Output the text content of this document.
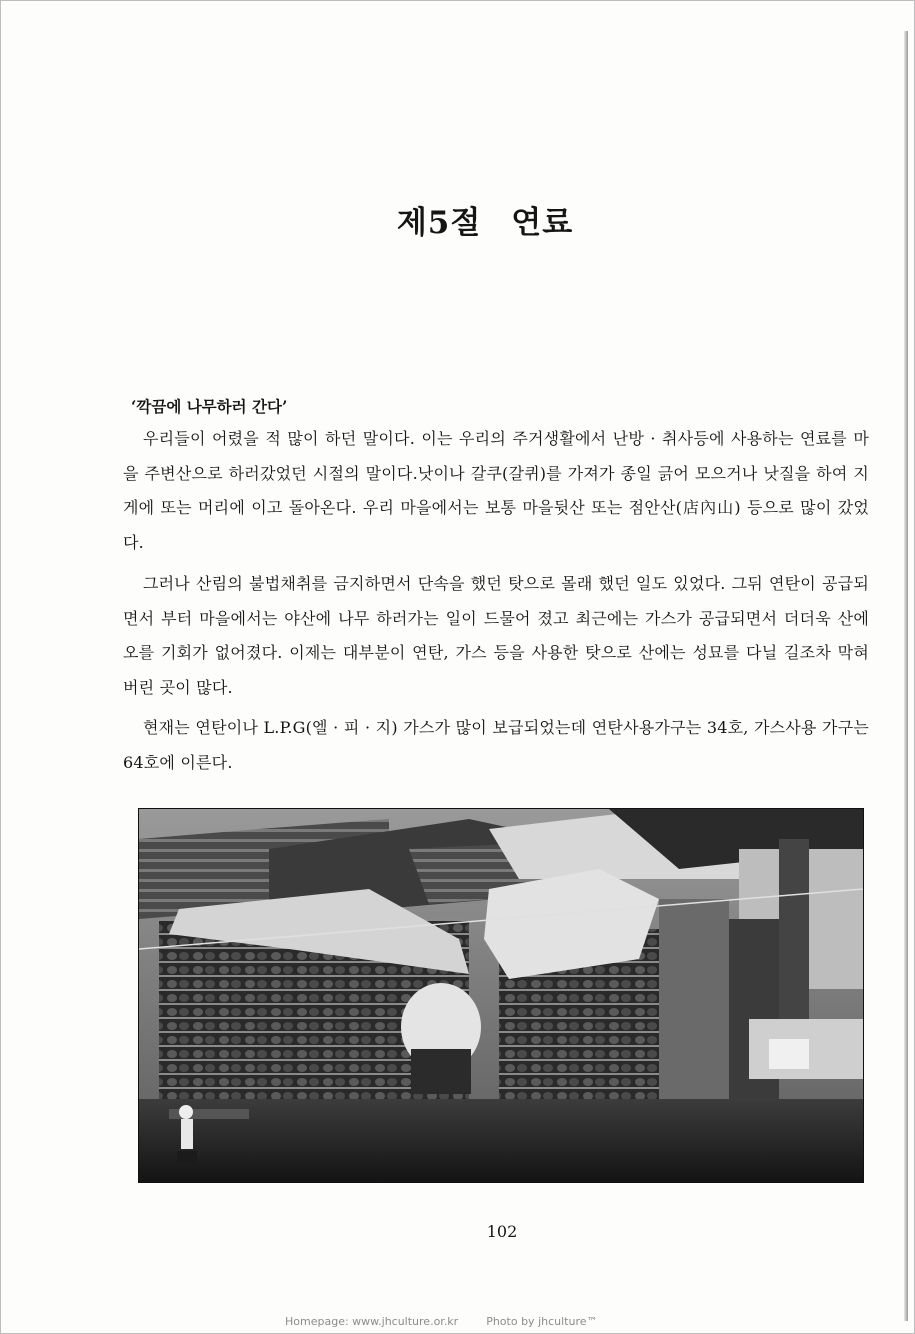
제5절 연료

‘깍끔에 나무하러 간다’

우리들이 어렸을 적 많이 하던 말이다. 이는 우리의 주거생활에서 난방 · 취사등에 사용하는 연료를 마을 주변산으로 하러갔었던 시절의 말이다.낫이나 갈쿠(갈퀴)를 가져가 종일 긁어 모으거나 낫질을 하여 지게에 또는 머리에 이고 돌아온다. 우리 마을에서는 보통 마을뒷산 또는 점안산(店內山) 등으로 많이 갔었다.

그러나 산림의 불법채취를 금지하면서 단속을 했던 탓으로 몰래 했던 일도 있었다. 그뒤 연탄이 공급되면서 부터 마을에서는 야산에 나무 하러가는 일이 드물어 졌고 최근에는 가스가 공급되면서 더더욱 산에 오를 기회가 없어졌다. 이제는 대부분이 연탄, 가스 등을 사용한 탓으로 산에는 성묘를 다닐 길조차 막혀 버린 곳이 많다.

현재는 연탄이나 L.P.G(엘 · 피 · 지) 가스가 많이 보급되었는데 연탄사용가구는 34호, 가스사용 가구는 64호에 이른다.

102

Homepage: www.jhculture.or.kr	Photo by jhculture™
